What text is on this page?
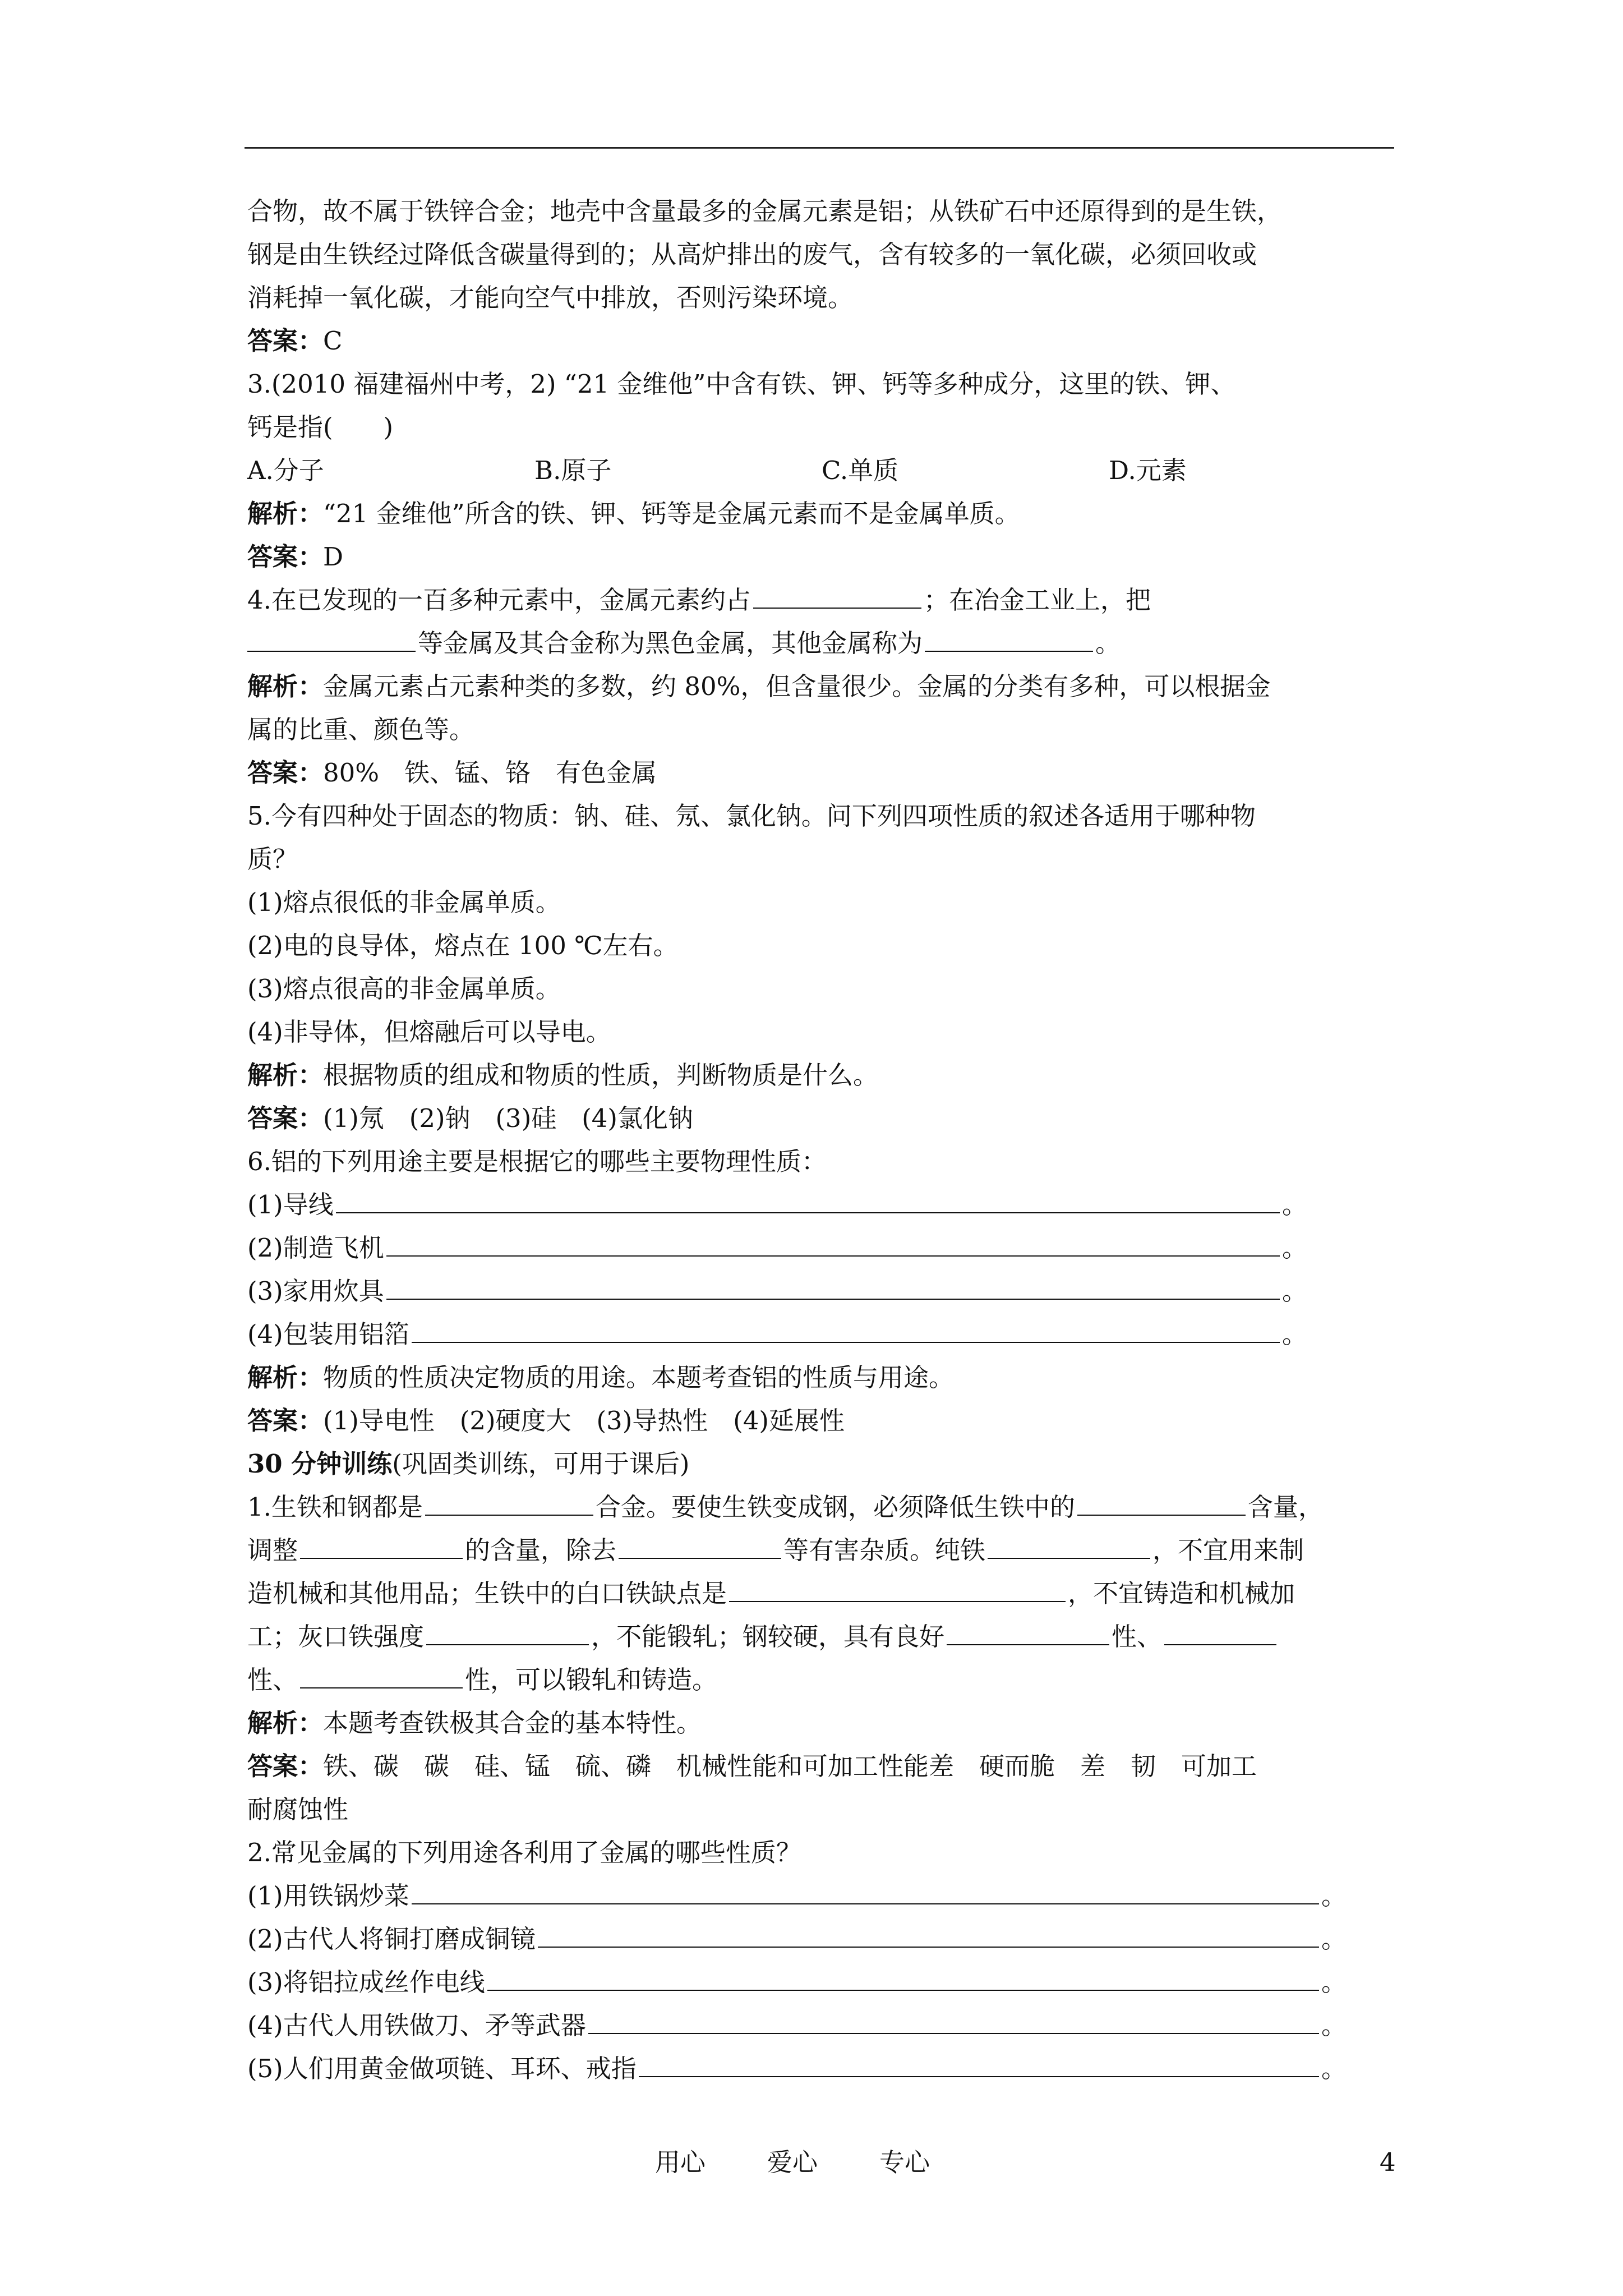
合物，故不属于铁锌合金；地壳中含量最多的金属元素是铝；从铁矿石中还原得到的是生铁，
钢是由生铁经过降低含碳量得到的；从高炉排出的废气，含有较多的一氧化碳，必须回收或
消耗掉一氧化碳，才能向空气中排放，否则污染环境。
答案：C
3.(2010 福建福州中考，2) “21 金维他”中含有铁、钾、钙等多种成分，这里的铁、钾、
钙是指(　　)
A.分子	B.原子	C.单质	D.元素
解析：“21 金维他”所含的铁、钾、钙等是金属元素而不是金属单质。
答案：D
4.在已发现的一百多种元素中，金属元素约占	；在冶金工业上，把
等金属及其合金称为黑色金属，其他金属称为	。
解析：金属元素占元素种类的多数，约 80%，但含量很少。金属的分类有多种，可以根据金
属的比重、颜色等。
答案：80%　铁、锰、铬　有色金属
5.今有四种处于固态的物质：钠、硅、氖、氯化钠。问下列四项性质的叙述各适用于哪种物
质？
(1)熔点很低的非金属单质。
(2)电的良导体，熔点在 100 ℃左右。
(3)熔点很高的非金属单质。
(4)非导体，但熔融后可以导电。
解析：根据物质的组成和物质的性质，判断物质是什么。
答案：(1)氖　(2)钠　(3)硅　(4)氯化钠
6.铝的下列用途主要是根据它的哪些主要物理性质：
(1)导线	。
(2)制造飞机	。
(3)家用炊具	。
(4)包装用铝箔	。
解析：物质的性质决定物质的用途。本题考查铝的性质与用途。
答案：(1)导电性　(2)硬度大　(3)导热性　(4)延展性
30 分钟训练(巩固类训练，可用于课后)
1.生铁和钢都是	合金。要使生铁变成钢，必须降低生铁中的	含量，
调整	的含量，除去	等有害杂质。纯铁	，不宜用来制
造机械和其他用品；生铁中的白口铁缺点是	，不宜铸造和机械加
工；灰口铁强度	，不能锻轧；钢较硬，具有良好	性、
性、	性，可以锻轧和铸造。
解析：本题考查铁极其合金的基本特性。
答案：铁、碳　碳　硅、锰　硫、磷　机械性能和可加工性能差　硬而脆　差　韧　可加工
耐腐蚀性
2.常见金属的下列用途各利用了金属的哪些性质？
(1)用铁锅炒菜	。
(2)古代人将铜打磨成铜镜	。
(3)将铝拉成丝作电线	。
(4)古代人用铁做刀、矛等武器	。
(5)人们用黄金做项链、耳环、戒指	。
用心 爱心 专心	4
